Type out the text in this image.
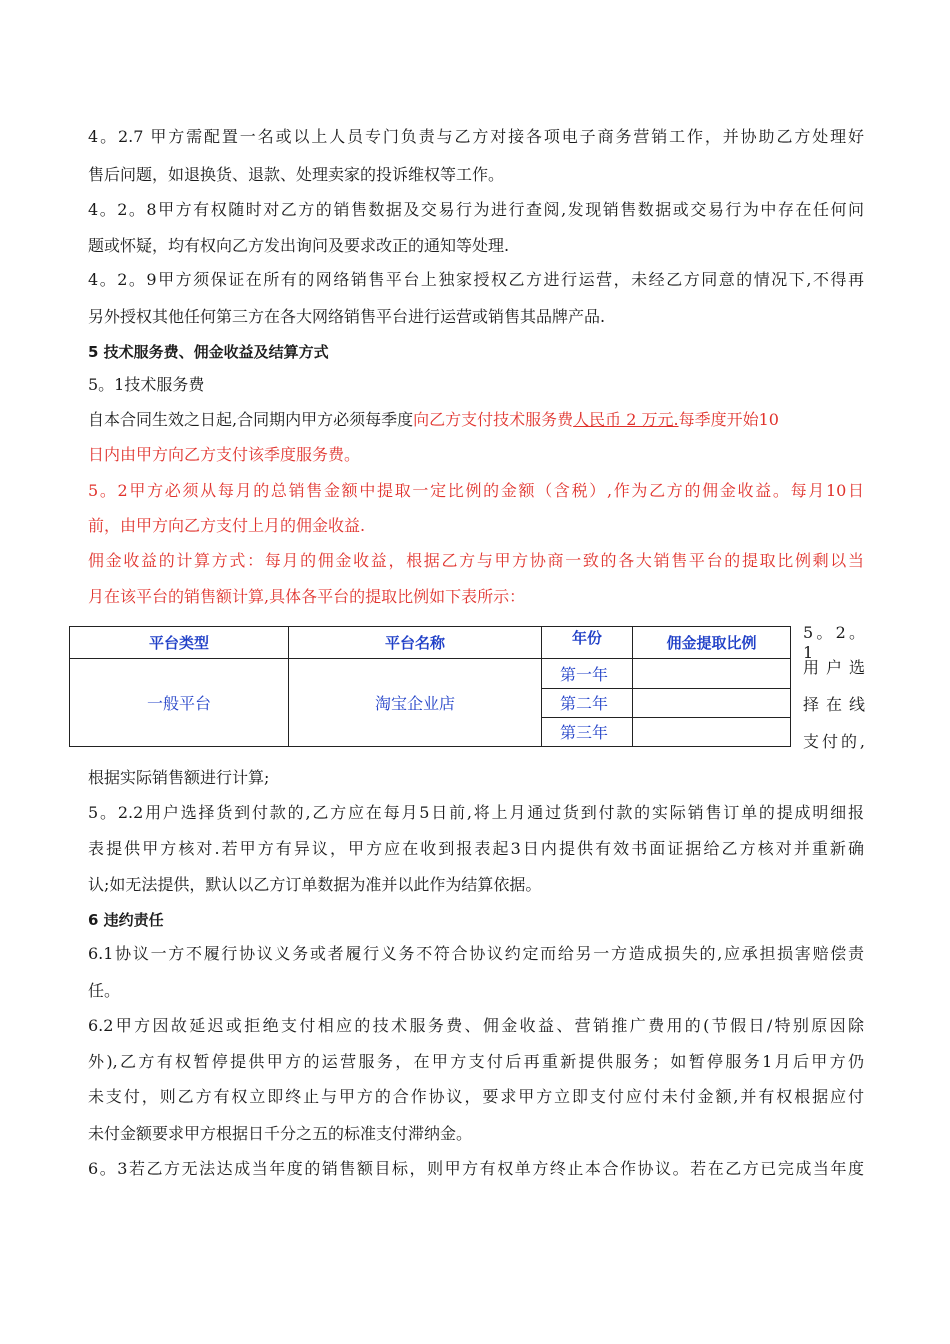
4。2.7 甲方需配置一名或以上人员专门负责与乙方对接各项电子商务营销工作，并协助乙方处理好
售后问题，如退换货、退款、处理卖家的投诉维权等工作。
4。2。8甲方有权随时对乙方的销售数据及交易行为进行查阅,发现销售数据或交易行为中存在任何问
题或怀疑，均有权向乙方发出询问及要求改正的通知等处理.
4。2。9甲方须保证在所有的网络销售平台上独家授权乙方进行运营，未经乙方同意的情况下,不得再
另外授权其他任何第三方在各大网络销售平台进行运营或销售其品牌产品.
5 技术服务费、佣金收益及结算方式
5。1技术服务费
自本合同生效之日起,合同期内甲方必须每季度向乙方支付技术服务费人民币 2 万元.每季度开始10
日内由甲方向乙方支付该季度服务费。
5。2甲方必须从每月的总销售金额中提取一定比例的金额（含税）,作为乙方的佣金收益。每月10日
前，由甲方向乙方支付上月的佣金收益.
佣金收益的计算方式：每月的佣金收益，根据乙方与甲方协商一致的各大销售平台的提取比例剩以当
月在该平台的销售额计算,具体各平台的提取比例如下表所示：
平台类型	平台名称	年份	佣金提取比例
一般平台	淘宝企业店	第一年	
		第二年	
		第三年	
5。2。1
用户选
择在线
支付的,
根据实际销售额进行计算;
5。2.2用户选择货到付款的,乙方应在每月5日前,将上月通过货到付款的实际销售订单的提成明细报
表提供甲方核对.若甲方有异议，甲方应在收到报表起3日内提供有效书面证据给乙方核对并重新确
认;如无法提供，默认以乙方订单数据为准并以此作为结算依据。
6 违约责任
6.1协议一方不履行协议义务或者履行义务不符合协议约定而给另一方造成损失的,应承担损害赔偿责
任。
6.2甲方因故延迟或拒绝支付相应的技术服务费、佣金收益、营销推广费用的(节假日/特别原因除
外),乙方有权暂停提供甲方的运营服务，在甲方支付后再重新提供服务；如暂停服务1月后甲方仍
未支付，则乙方有权立即终止与甲方的合作协议，要求甲方立即支付应付未付金额,并有权根据应付
未付金额要求甲方根据日千分之五的标准支付滞纳金。
6。3若乙方无法达成当年度的销售额目标，则甲方有权单方终止本合作协议。若在乙方已完成当年度
